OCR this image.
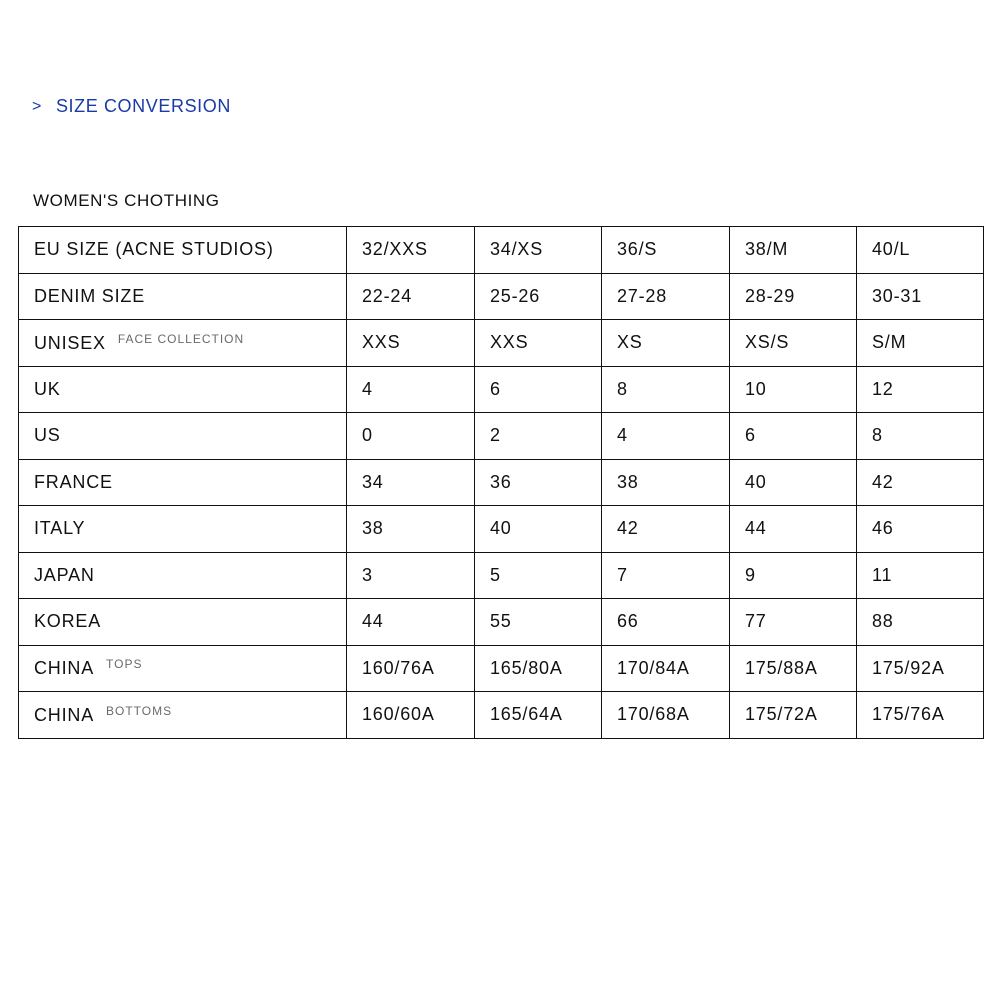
> SIZE CONVERSION
WOMEN'S CHOTHING
EU SIZE (ACNE STUDIOS)	32/XXS	34/XS	36/S	38/M	40/L
DENIM SIZE	22-24	25-26	27-28	28-29	30-31
UNISEX FACE COLLECTION	XXS	XXS	XS	XS/S	S/M
UK	4	6	8	10	12
US	0	2	4	6	8
FRANCE	34	36	38	40	42
ITALY	38	40	42	44	46
JAPAN	3	5	7	9	11
KOREA	44	55	66	77	88
CHINA TOPS	160/76A	165/80A	170/84A	175/88A	175/92A
CHINA BOTTOMS	160/60A	165/64A	170/68A	175/72A	175/76A
